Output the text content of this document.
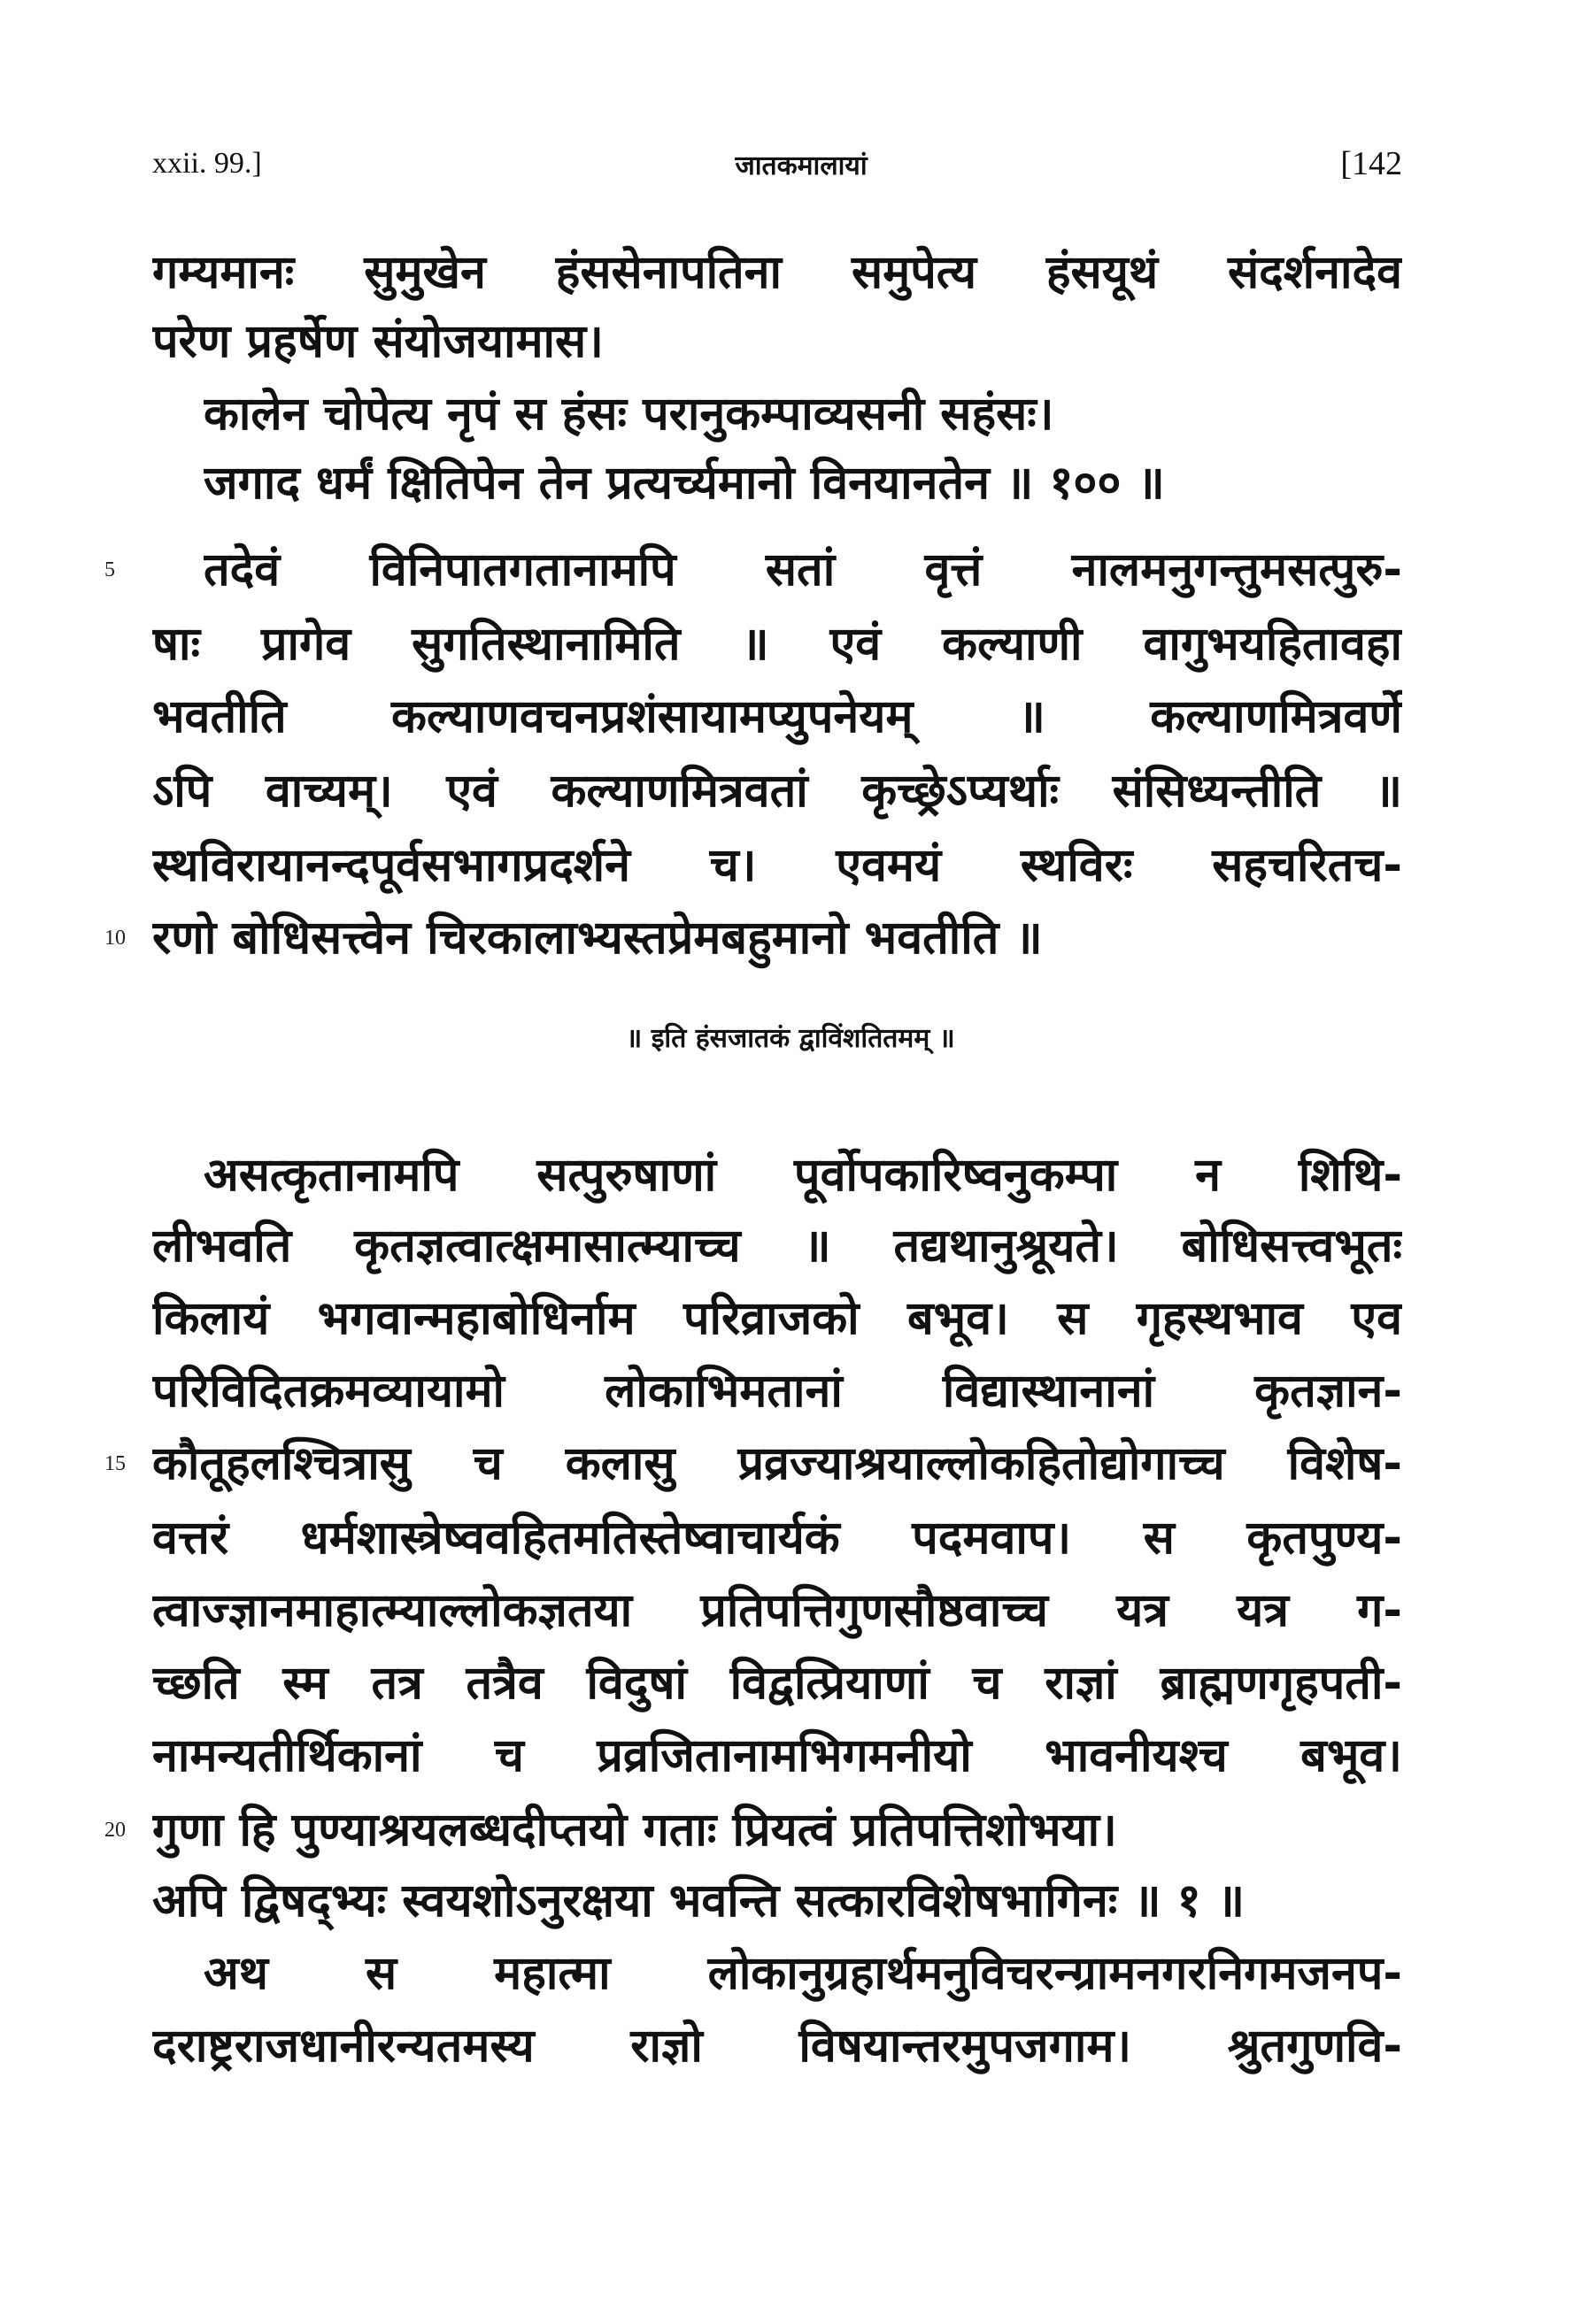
xxii. 99.]	जातकमालायां	[142
गम्यमानः सुमुखेन हंससेनापतिना समुपेत्य हंसयूथं संदर्शनादेव
परेण प्रहर्षेण संयोजयामास।
कालेन चोपेत्य नृपं स हंसः परानुकम्पाव्यसनी सहंसः।
जगाद धर्मं क्षितिपेन तेन प्रत्यर्च्यमानो विनयानतेन ॥ १०० ॥
5	तदेवं विनिपातगतानामपि सतां वृत्तं नालमनुगन्तुमसत्पुरु-
षाः प्रागेव सुगतिस्थानामिति ॥ एवं कल्याणी वागुभयहितावहा
भवतीति कल्याणवचनप्रशंसायामप्युपनेयम् ॥ कल्याणमित्रवर्णे
ऽपि वाच्यम्। एवं कल्याणमित्रवतां कृच्छ्रेऽप्यर्थाः संसिध्यन्तीति ॥
स्थविरायानन्दपूर्वसभागप्रदर्शने च। एवमयं स्थविरः सहचरितच-
10 रणो बोधिसत्त्वेन चिरकालाभ्यस्तप्रेमबहुमानो भवतीति ॥
॥ इति हंसजातकं द्वाविंशतितमम् ॥
असत्कृतानामपि सत्पुरुषाणां पूर्वोपकारिष्वनुकम्पा न शिथि-
लीभवति कृतज्ञत्वात्क्षमासात्म्याच्च ॥ तद्यथानुश्रूयते। बोधिसत्त्वभूतः
किलायं भगवान्महाबोधिर्नाम परिव्राजको बभूव। स गृहस्थभाव एव
परिविदितक्रमव्यायामो लोकाभिमतानां विद्यास्थानानां कृतज्ञान-
15 कौतूहलश्चित्रासु च कलासु प्रव्रज्याश्रयाल्लोकहितोद्योगाच्च विशेष-
वत्तरं धर्मशास्त्रेष्ववहितमतिस्तेष्वाचार्यकं पदमवाप। स कृतपुण्य-
त्वाज्ज्ञानमाहात्म्याल्लोकज्ञतया प्रतिपत्तिगुणसौष्ठवाच्च यत्र यत्र ग-
च्छति स्म तत्र तत्रैव विदुषां विद्वत्प्रियाणां च राज्ञां ब्राह्मणगृहपती-
नामन्यतीर्थिकानां च प्रव्रजितानामभिगमनीयो भावनीयश्च बभूव।
20 गुणा हि पुण्याश्रयलब्धदीप्तयो गताः प्रियत्वं प्रतिपत्तिशोभया।
अपि द्विषद्भ्यः स्वयशोऽनुरक्षया भवन्ति सत्कारविशेषभागिनः ॥ १ ॥
अथ स महात्मा लोकानुग्रहार्थमनुविचरन्ग्रामनगरनिगमजनप-
दराष्ट्रराजधानीरन्यतमस्य राज्ञो विषयान्तरमुपजगाम। श्रुतगुणवि-
